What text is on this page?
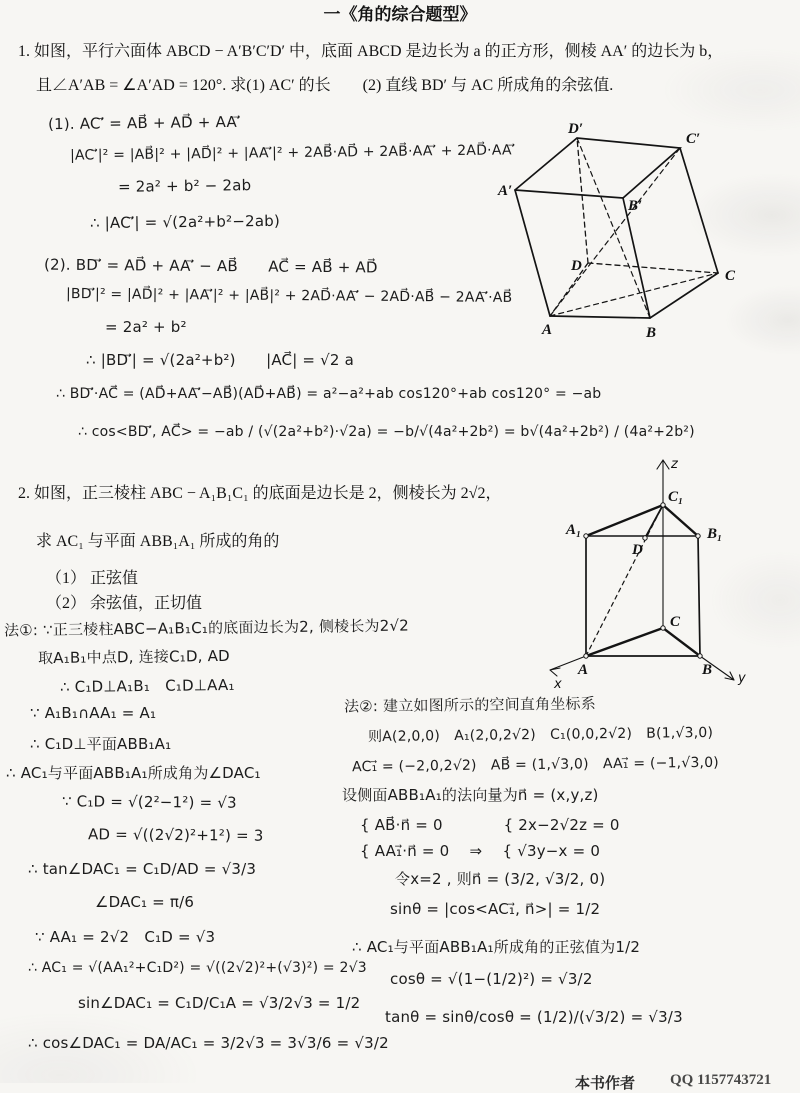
一《角的综合题型》
1. 如图，平行六面体 ABCD − A′B′C′D′ 中，底面 ABCD 是边长为 a 的正方形，侧棱 AA′ 的边长为 b，
且∠A′AB = ∠A′AD = 120°. 求(1) AC′ 的长　　(2) 直线 BD′ 与 AC 所成角的余弦值.
(1). AC′⃗ = AB⃗ + AD⃗ + AA′⃗
|AC′⃗|² = |AB⃗|² + |AD⃗|² + |AA′⃗|² + 2AB⃗·AD⃗ + 2AB⃗·AA′⃗ + 2AD⃗·AA′⃗
= 2a² + b² − 2ab
∴ |AC′⃗| = √(2a²+b²−2ab)
(2). BD′⃗ = AD⃗ + AA′⃗ − AB⃗　　AC⃗ = AB⃗ + AD⃗
|BD′⃗|² = |AD⃗|² + |AA′⃗|² + |AB⃗|² + 2AD⃗·AA′⃗ − 2AD⃗·AB⃗ − 2AA′⃗·AB⃗
= 2a² + b²
∴ |BD′⃗| = √(2a²+b²)　　|AC⃗| = √2 a
∴ BD′⃗·AC⃗ = (AD⃗+AA′⃗−AB⃗)(AD⃗+AB⃗) = a²−a²+ab cos120°+ab cos120° = −ab
∴ cos<BD′⃗, AC⃗> = −ab / (√(2a²+b²)·√2a) = −b/√(4a²+2b²) = b√(4a²+2b²) / (4a²+2b²)
D′
C′
A′
B′
D
C
A	B
2. 如图，正三棱柱 ABC − A₁B₁C₁ 的底面是边长是 2，侧棱长为 2√2，
求 AC₁ 与平面 ABB₁A₁ 所成的角的
（1） 正弦值
（2） 余弦值，正切值
C₁
A₁	B₁
D
C
A	B
x	y
z
法①: ∵正三棱柱ABC−A₁B₁C₁的底面边长为2, 侧棱长为2√2
取A₁B₁中点D, 连接C₁D, AD
∴ C₁D⊥A₁B₁　C₁D⊥AA₁
∵ A₁B₁∩AA₁ = A₁
∴ C₁D⊥平面ABB₁A₁
∴ AC₁与平面ABB₁A₁所成角为∠DAC₁
∵ C₁D = √(2²−1²) = √3
AD = √((2√2)²+1²) = 3
∴ tan∠DAC₁ = C₁D/AD = √3/3
∠DAC₁ = π/6
∵ AA₁ = 2√2　C₁D = √3
∴ AC₁ = √(AA₁²+C₁D²) = √((2√2)²+(√3)²) = 2√3
sin∠DAC₁ = C₁D/C₁A = √3/2√3 = 1/2
∴ cos∠DAC₁ = DA/AC₁ = 3/2√3 = 3√3/6 = √3/2
法②: 建立如图所示的空间直角坐标系
则A(2,0,0)　A₁(2,0,2√2)　C₁(0,0,2√2)　B(1,√3,0)
AC₁⃗ = (−2,0,2√2)　AB⃗ = (1,√3,0)　AA₁⃗ = (−1,√3,0)
设侧面ABB₁A₁的法向量为n⃗ = (x,y,z)
{ AB⃗·n⃗ = 0　　　　{ 2x−2√2z = 0
{ AA₁⃗·n⃗ = 0　 ⇒ 　{ √3y−x = 0
令x=2 , 则n⃗ = (3/2, √3/2, 0)
sinθ = |cos<AC₁⃗, n⃗>| = 1/2
∴ AC₁与平面ABB₁A₁所成角的正弦值为1/2
cosθ = √(1−(1/2)²) = √3/2
tanθ = sinθ/cosθ = (1/2)/(√3/2) = √3/3
本书作者 QQ 1157743721
